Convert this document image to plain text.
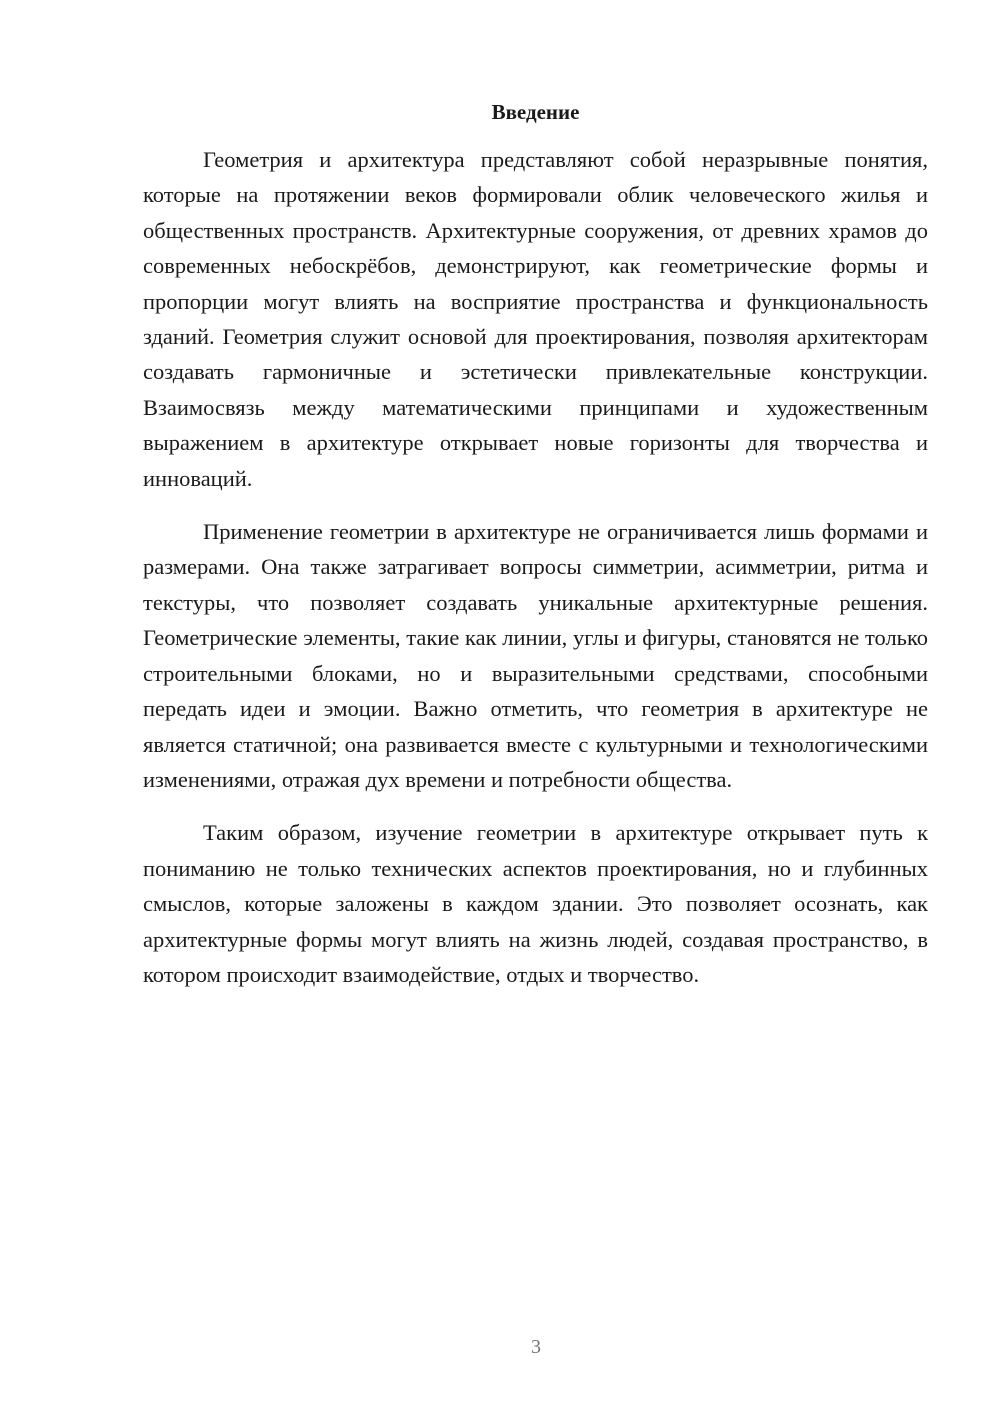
Введение

Геометрия и архитектура представляют собой неразрывные понятия, которые на протяжении веков формировали облик человеческого жилья и общественных пространств. Архитектурные сооружения, от древних храмов до современных небоскрёбов, демонстрируют, как геометрические формы и пропорции могут влиять на восприятие пространства и функциональность зданий. Геометрия служит основой для проектирования, позволяя архитекторам создавать гармоничные и эстетически привлекательные конструкции. Взаимосвязь между математическими принципами и художественным выражением в архитектуре открывает новые горизонты для творчества и инноваций.

Применение геометрии в архитектуре не ограничивается лишь формами и размерами. Она также затрагивает вопросы симметрии, асимметрии, ритма и текстуры, что позволяет создавать уникальные архитектурные решения. Геометрические элементы, такие как линии, углы и фигуры, становятся не только строительными блоками, но и выразительными средствами, способными передать идеи и эмоции. Важно отметить, что геометрия в архитектуре не является статичной; она развивается вместе с культурными и технологическими изменениями, отражая дух времени и потребности общества.

Таким образом, изучение геометрии в архитектуре открывает путь к пониманию не только технических аспектов проектирования, но и глубинных смыслов, которые заложены в каждом здании. Это позволяет осознать, как архитектурные формы могут влиять на жизнь людей, создавая пространство, в котором происходит взаимодействие, отдых и творчество.

3
